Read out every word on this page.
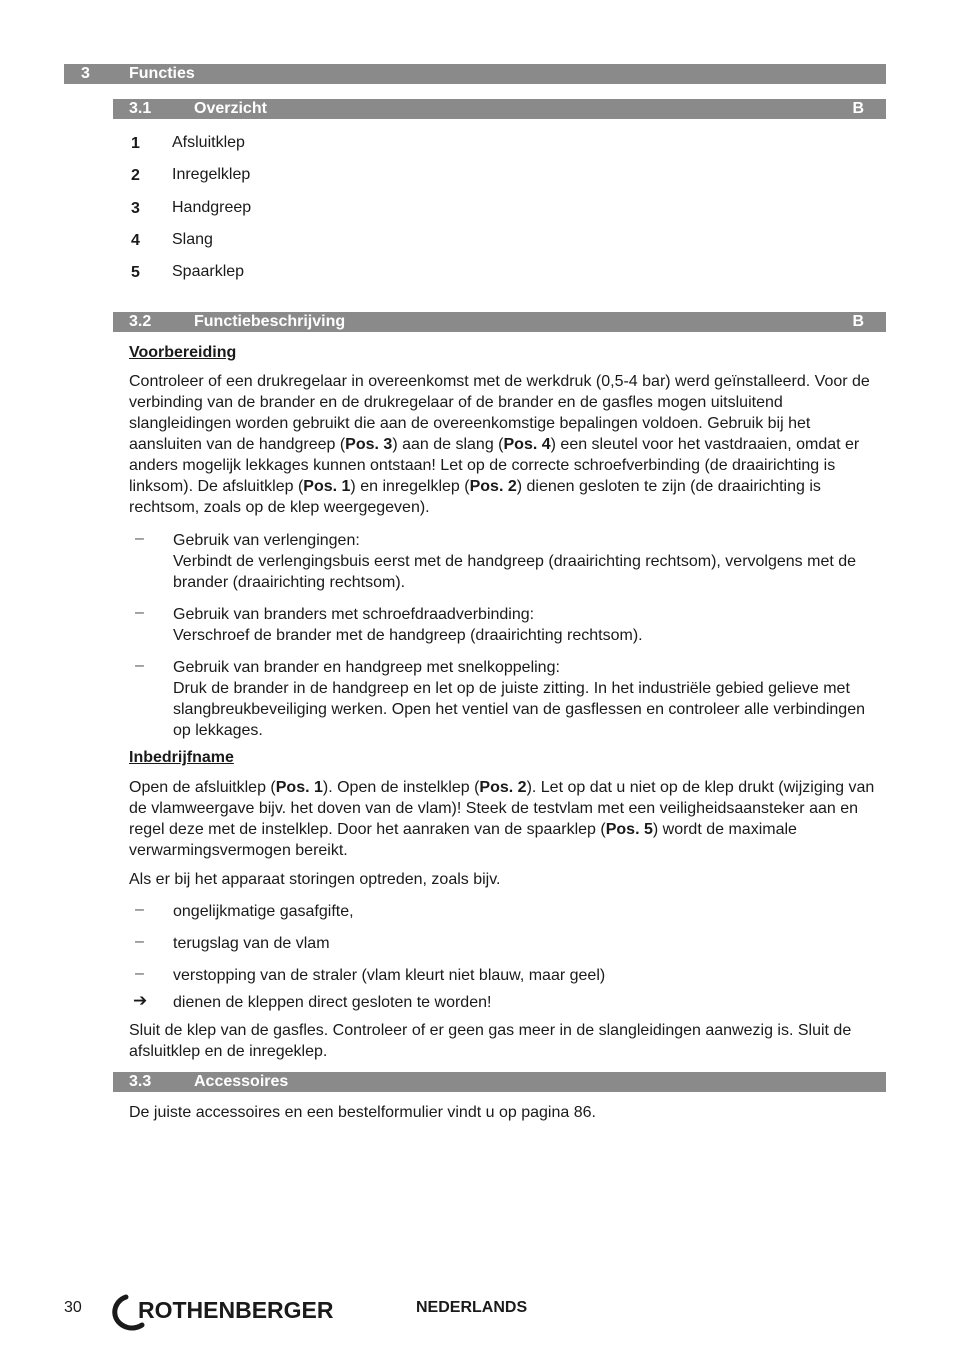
3 Functies
3.1	Overzicht	B
1 Afsluitklep
2 Inregelklep
3 Handgreep
4 Slang
5 Spaarklep
3.2	Functiebeschrijving	B
Voorbereiding
Controleer of een drukregelaar in overeenkomst met de werkdruk (0,5-4 bar) werd geïnstalleerd. Voor de verbinding van de brander en de drukregelaar of de brander en de gasfles mogen uitsluitend slangleidingen worden gebruikt die aan de overeenkomstige bepalingen voldoen. Gebruik bij het aansluiten van de handgreep (Pos. 3) aan de slang (Pos. 4) een sleutel voor het vastdraaien, omdat er anders mogelijk lekkages kunnen ontstaan! Let op de correcte schroefverbinding (de draairichting is linksom). De afsluitklep (Pos. 1) en inregelklep (Pos. 2) dienen gesloten te zijn (de draairichting is rechtsom, zoals op de klep weergegeven).
– Gebruik van verlengingen:
Verbindt de verlengingsbuis eerst met de handgreep (draairichting rechtsom), vervolgens met de brander (draairichting rechtsom).
– Gebruik van branders met schroefdraadverbinding:
Verschroef de brander met de handgreep (draairichting rechtsom).
– Gebruik van brander en handgreep met snelkoppeling:
Druk de brander in de handgreep en let op de juiste zitting. In het industriële gebied gelieve met slangbreukbeveiliging werken. Open het ventiel van de gasflessen en controleer alle verbindingen op lekkages.
Inbedrijfname
Open de afsluitklep (Pos. 1). Open de instelklep (Pos. 2). Let op dat u niet op de klep drukt (wijziging van de vlamweergave bijv. het doven van de vlam)! Steek de testvlam met een veiligheidsaansteker aan en regel deze met de instelklep. Door het aanraken van de spaarklep (Pos. 5) wordt de maximale verwarmingsvermogen bereikt.
Als er bij het apparaat storingen optreden, zoals bijv.
– ongelijkmatige gasafgifte,
– terugslag van de vlam
– verstopping van de straler (vlam kleurt niet blauw, maar geel)
➔ dienen de kleppen direct gesloten te worden!
Sluit de klep van de gasfles. Controleer of er geen gas meer in de slangleidingen aanwezig is. Sluit de afsluitklep en de inregeklep.
3.3	Accessoires
De juiste accessoires en een bestelformulier vindt u op pagina 86.
30 ROTHENBERGER	NEDERLANDS
